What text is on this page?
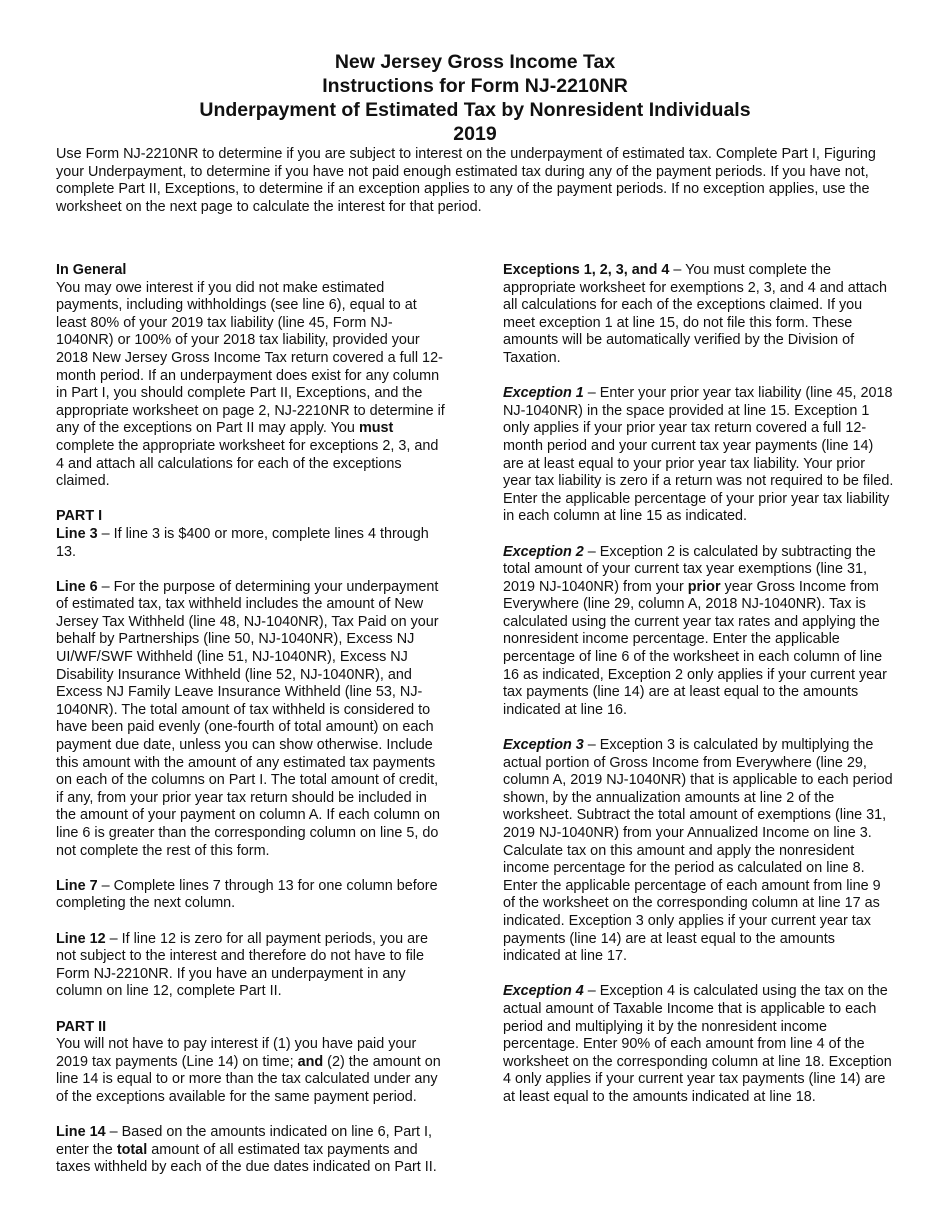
New Jersey Gross Income Tax
Instructions for Form NJ-2210NR
Underpayment of Estimated Tax by Nonresident Individuals
2019
Use Form NJ-2210NR to determine if you are subject to interest on the underpayment of estimated tax. Complete Part I, Figuring your Underpayment, to determine if you have not paid enough estimated tax during any of the payment periods. If you have not, complete Part II, Exceptions, to determine if an exception applies to any of the payment periods. If no exception applies, use the worksheet on the next page to calculate the interest for that period.

In General
You may owe interest if you did not make estimated payments, including withholdings (see line 6), equal to at least 80% of your 2019 tax liability (line 45, Form NJ-1040NR) or 100% of your 2018 tax liability, provided your 2018 New Jersey Gross Income Tax return covered a full 12-month period. If an underpayment does exist for any column in Part I, you should complete Part II, Exceptions, and the appropriate worksheet on page 2, NJ-2210NR to determine if any of the exceptions on Part II may apply. You must complete the appropriate worksheet for exceptions 2, 3, and 4 and attach all calculations for each of the exceptions claimed.

PART I
Line 3 – If line 3 is $400 or more, complete lines 4 through 13.

Line 6 – For the purpose of determining your underpayment of estimated tax, tax withheld includes the amount of New Jersey Tax Withheld (line 48, NJ-1040NR), Tax Paid on your behalf by Partnerships (line 50, NJ-1040NR), Excess NJ UI/WF/SWF Withheld (line 51, NJ-1040NR), Excess NJ Disability Insurance Withheld (line 52, NJ-1040NR), and Excess NJ Family Leave Insurance Withheld (line 53, NJ-1040NR). The total amount of tax withheld is considered to have been paid evenly (one-fourth of total amount) on each payment due date, unless you can show otherwise. Include this amount with the amount of any estimated tax payments on each of the columns on Part I. The total amount of credit, if any, from your prior year tax return should be included in the amount of your payment on column A. If each column on line 6 is greater than the corresponding column on line 5, do not complete the rest of this form.

Line 7 – Complete lines 7 through 13 for one column before completing the next column.

Line 12 – If line 12 is zero for all payment periods, you are not subject to the interest and therefore do not have to file Form NJ-2210NR. If you have an underpayment in any column on line 12, complete Part II.

PART II
You will not have to pay interest if (1) you have paid your 2019 tax payments (Line 14) on time; and (2) the amount on line 14 is equal to or more than the tax calculated under any of the exceptions available for the same payment period.

Line 14 – Based on the amounts indicated on line 6, Part I, enter the total amount of all estimated tax payments and taxes withheld by each of the due dates indicated on Part II.

Exceptions 1, 2, 3, and 4 – You must complete the appropriate worksheet for exemptions 2, 3, and 4 and attach all calculations for each of the exceptions claimed. If you meet exception 1 at line 15, do not file this form. These amounts will be automatically verified by the Division of Taxation.

Exception 1 – Enter your prior year tax liability (line 45, 2018 NJ-1040NR) in the space provided at line 15. Exception 1 only applies if your prior year tax return covered a full 12-month period and your current tax year payments (line 14) are at least equal to your prior year tax liability. Your prior year tax liability is zero if a return was not required to be filed. Enter the applicable percentage of your prior year tax liability in each column at line 15 as indicated.

Exception 2 – Exception 2 is calculated by subtracting the total amount of your current tax year exemptions (line 31, 2019 NJ-1040NR) from your prior year Gross Income from Everywhere (line 29, column A, 2018 NJ-1040NR). Tax is calculated using the current year tax rates and applying the nonresident income percentage. Enter the applicable percentage of line 6 of the worksheet in each column of line 16 as indicated, Exception 2 only applies if your current year tax payments (line 14) are at least equal to the amounts indicated at line 16.

Exception 3 – Exception 3 is calculated by multiplying the actual portion of Gross Income from Everywhere (line 29, column A, 2019 NJ-1040NR) that is applicable to each period shown, by the annualization amounts at line 2 of the worksheet. Subtract the total amount of exemptions (line 31, 2019 NJ-1040NR) from your Annualized Income on line 3. Calculate tax on this amount and apply the nonresident income percentage for the period as calculated on line 8. Enter the applicable percentage of each amount from line 9 of the worksheet on the corresponding column at line 17 as indicated. Exception 3 only applies if your current year tax payments (line 14) are at least equal to the amounts indicated at line 17.

Exception 4 – Exception 4 is calculated using the tax on the actual amount of Taxable Income that is applicable to each period and multiplying it by the nonresident income percentage. Enter 90% of each amount from line 4 of the worksheet on the corresponding column at line 18. Exception 4 only applies if your current year tax payments (line 14) are at least equal to the amounts indicated at line 18.
